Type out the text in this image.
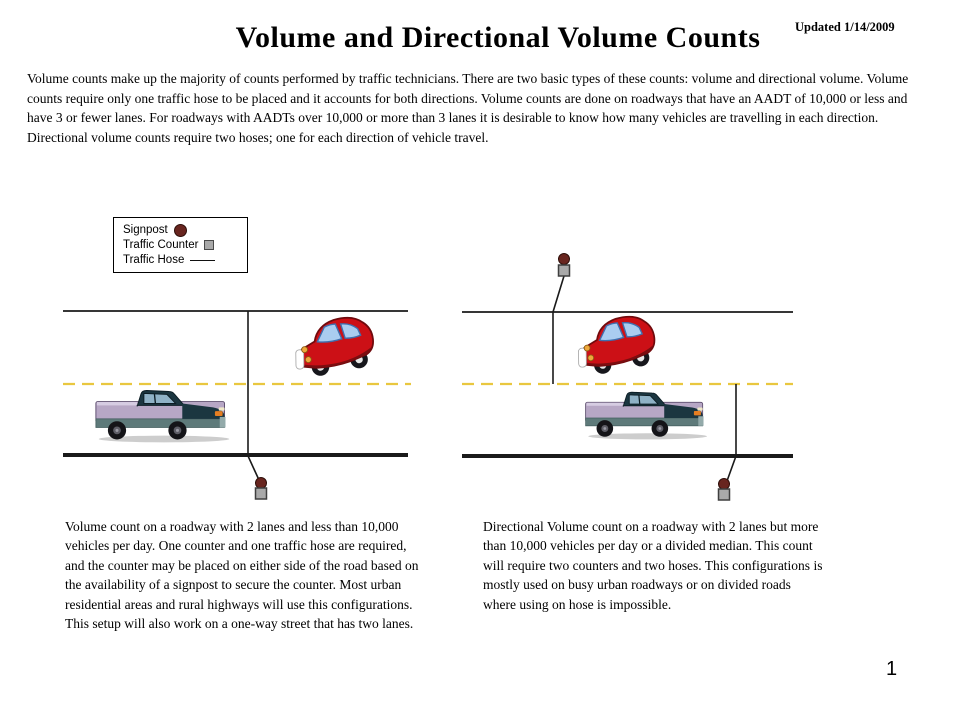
Updated 1/14/2009
Volume and Directional Volume Counts

Volume counts make up the majority of counts performed by traffic technicians. There are two basic types of these counts: volume and directional volume. Volume counts require only one traffic hose to be placed and it accounts for both directions. Volume counts are done on roadways that have an AADT of 10,000 or less and have 3 or fewer lanes. For roadways with AADTs over 10,000 or more than 3 lanes it is desirable to know how many vehicles are travelling in each direction. Directional volume counts require two hoses; one for each direction of vehicle travel.

Signpost
Traffic Counter
Traffic Hose

Volume count on a roadway with 2 lanes and less than 10,000 vehicles per day. One counter and one traffic hose are required, and the counter may be placed on either side of the road based on the availability of a signpost to secure the counter. Most urban residential areas and rural highways will use this configurations. This setup will also work on a one-way street that has two lanes.

Directional Volume count on a roadway with 2 lanes but more than 10,000 vehicles per day or a divided median. This count will require two counters and two hoses. This configurations is mostly used on busy urban roadways or on divided roads where using on hose is impossible.

1
